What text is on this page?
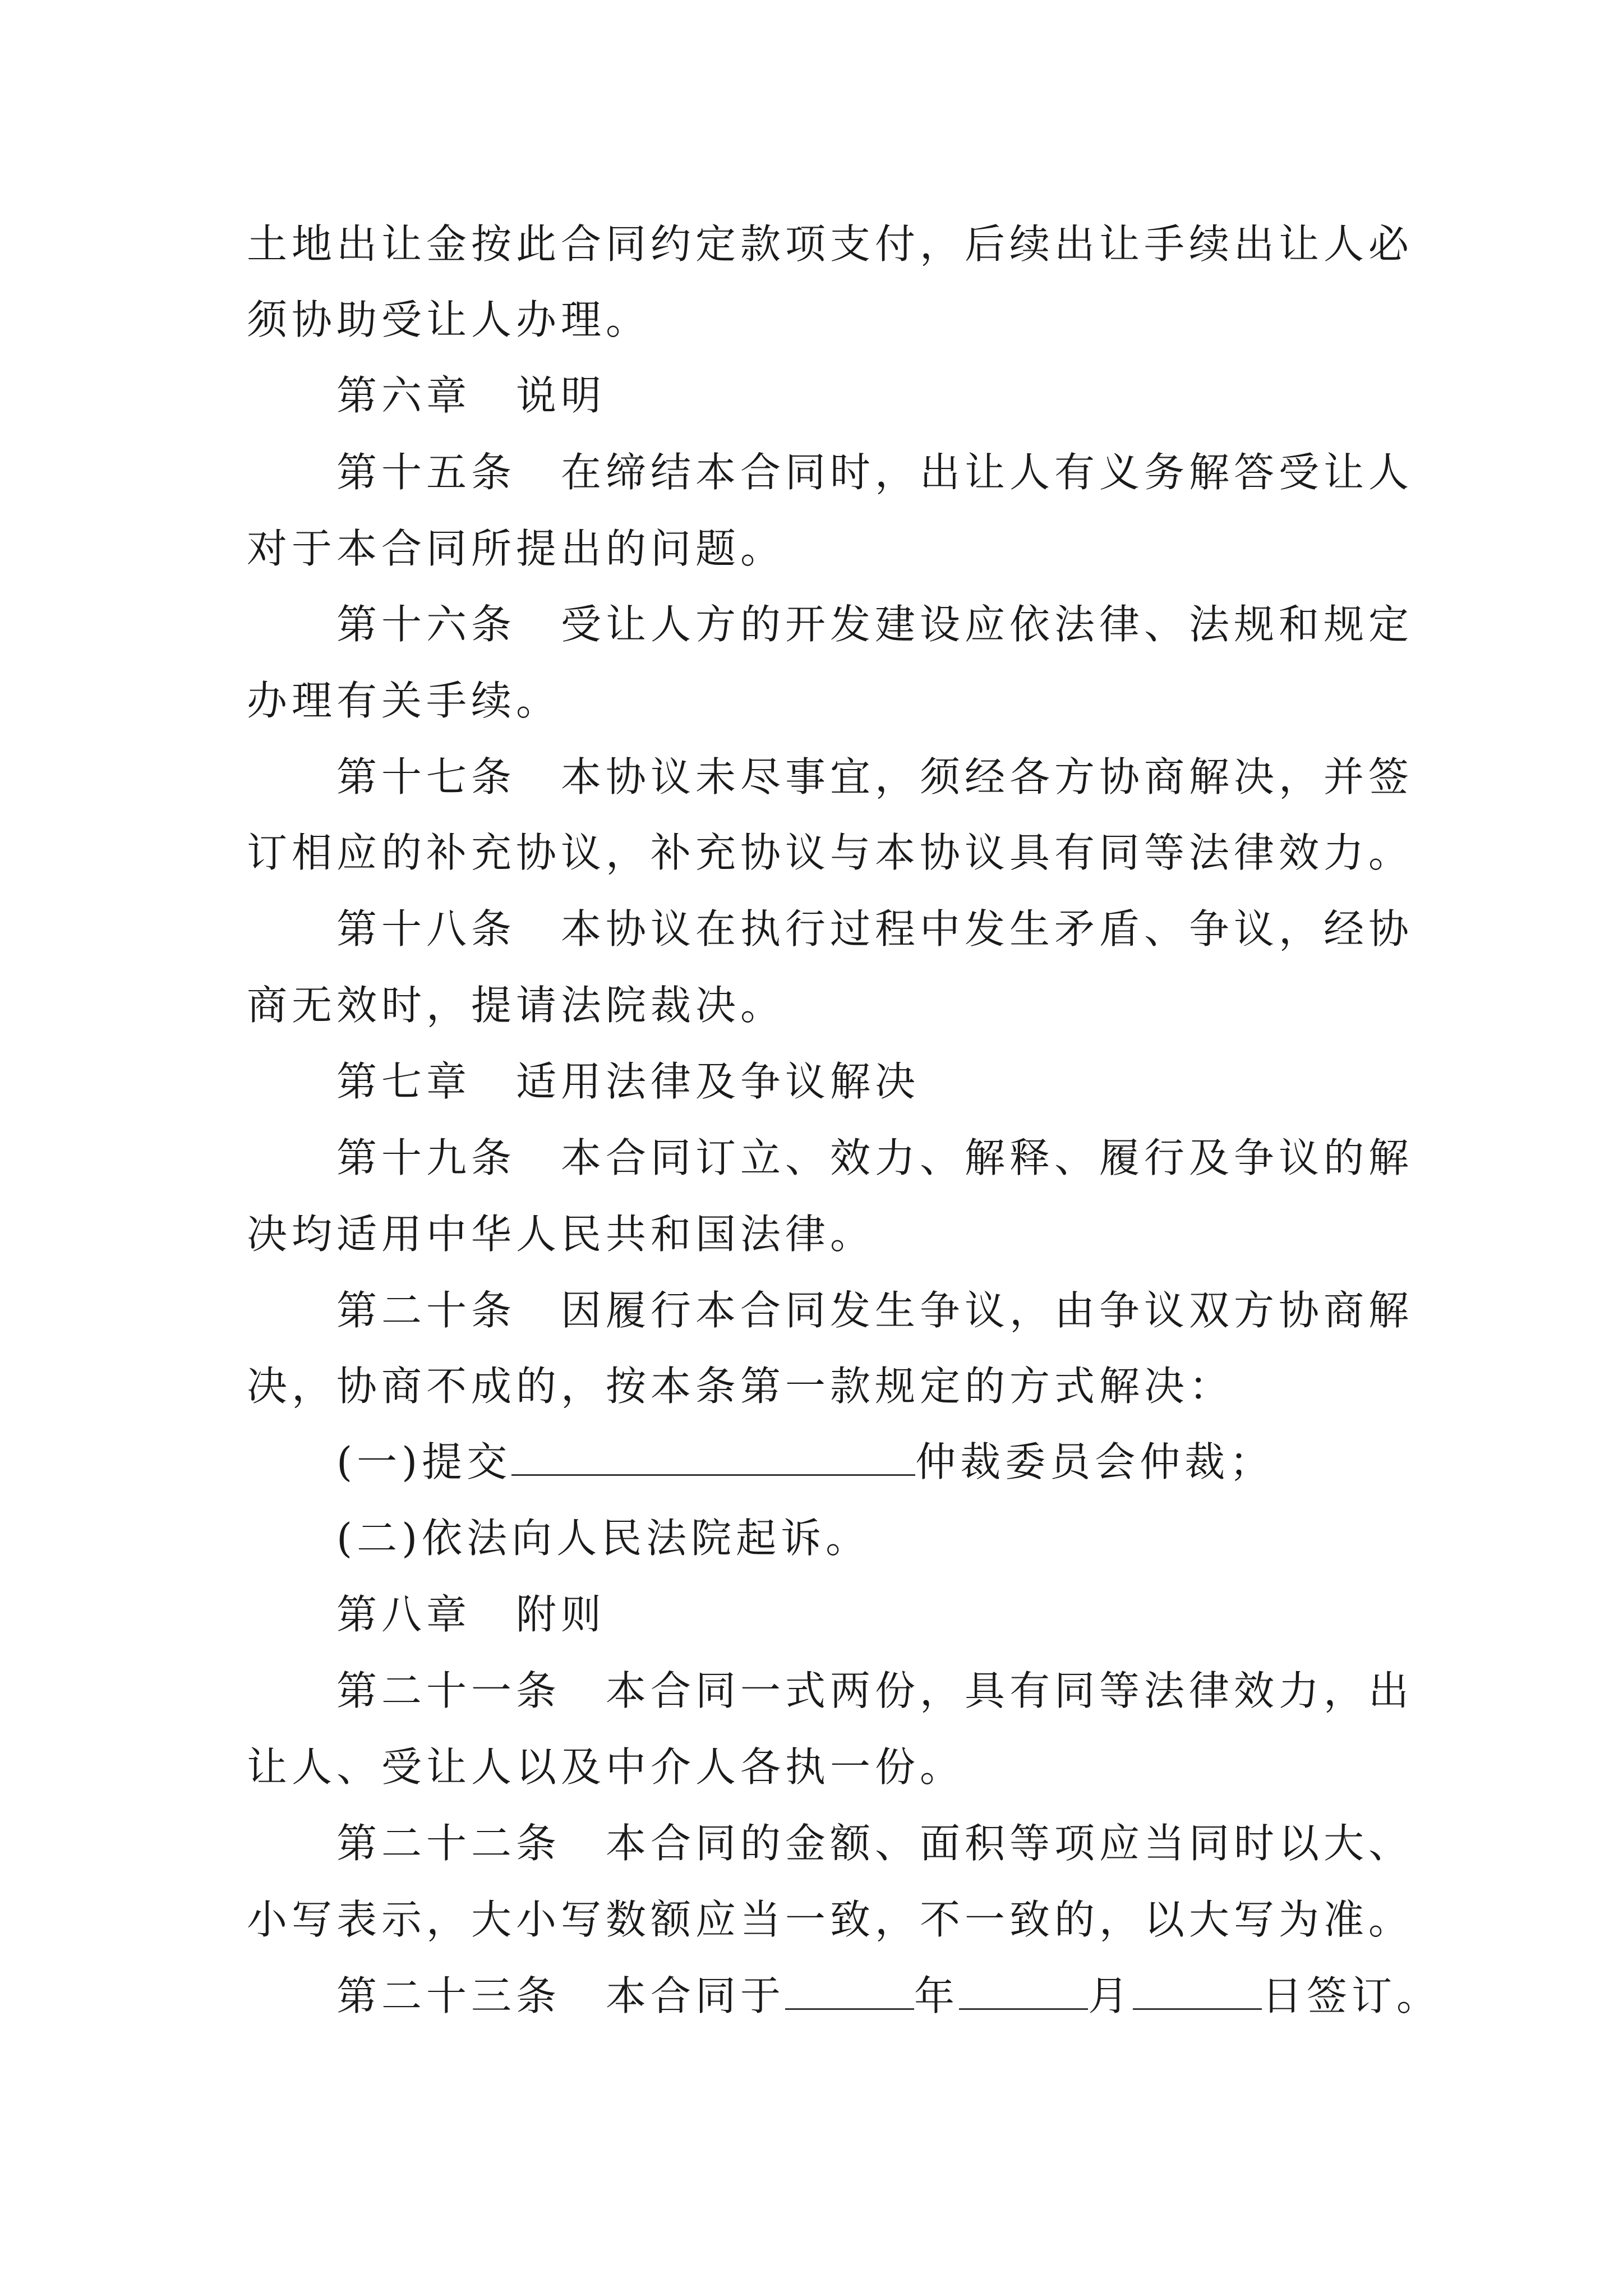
土地出让金按此合同约定款项支付，后续出让手续出让人必
须协助受让人办理。
第六章　说明
第十五条　在缔结本合同时，出让人有义务解答受让人
对于本合同所提出的问题。
第十六条　受让人方的开发建设应依法律、法规和规定
办理有关手续。
第十七条　本协议未尽事宜，须经各方协商解决，并签
订相应的补充协议，补充协议与本协议具有同等法律效力。
第十八条　本协议在执行过程中发生矛盾、争议，经协
商无效时，提请法院裁决。
第七章　适用法律及争议解决
第十九条　本合同订立、效力、解释、履行及争议的解
决均适用中华人民共和国法律。
第二十条　因履行本合同发生争议，由争议双方协商解
决，协商不成的，按本条第一款规定的方式解决：
(一)提交	仲裁委员会仲裁；
(二)依法向人民法院起诉。
第八章　附则
第二十一条　本合同一式两份，具有同等法律效力，出
让人、受让人以及中介人各执一份。
第二十二条　本合同的金额、面积等项应当同时以大、
小写表示，大小写数额应当一致，不一致的，以大写为准。
第二十三条　本合同于	年	月	日签订。
